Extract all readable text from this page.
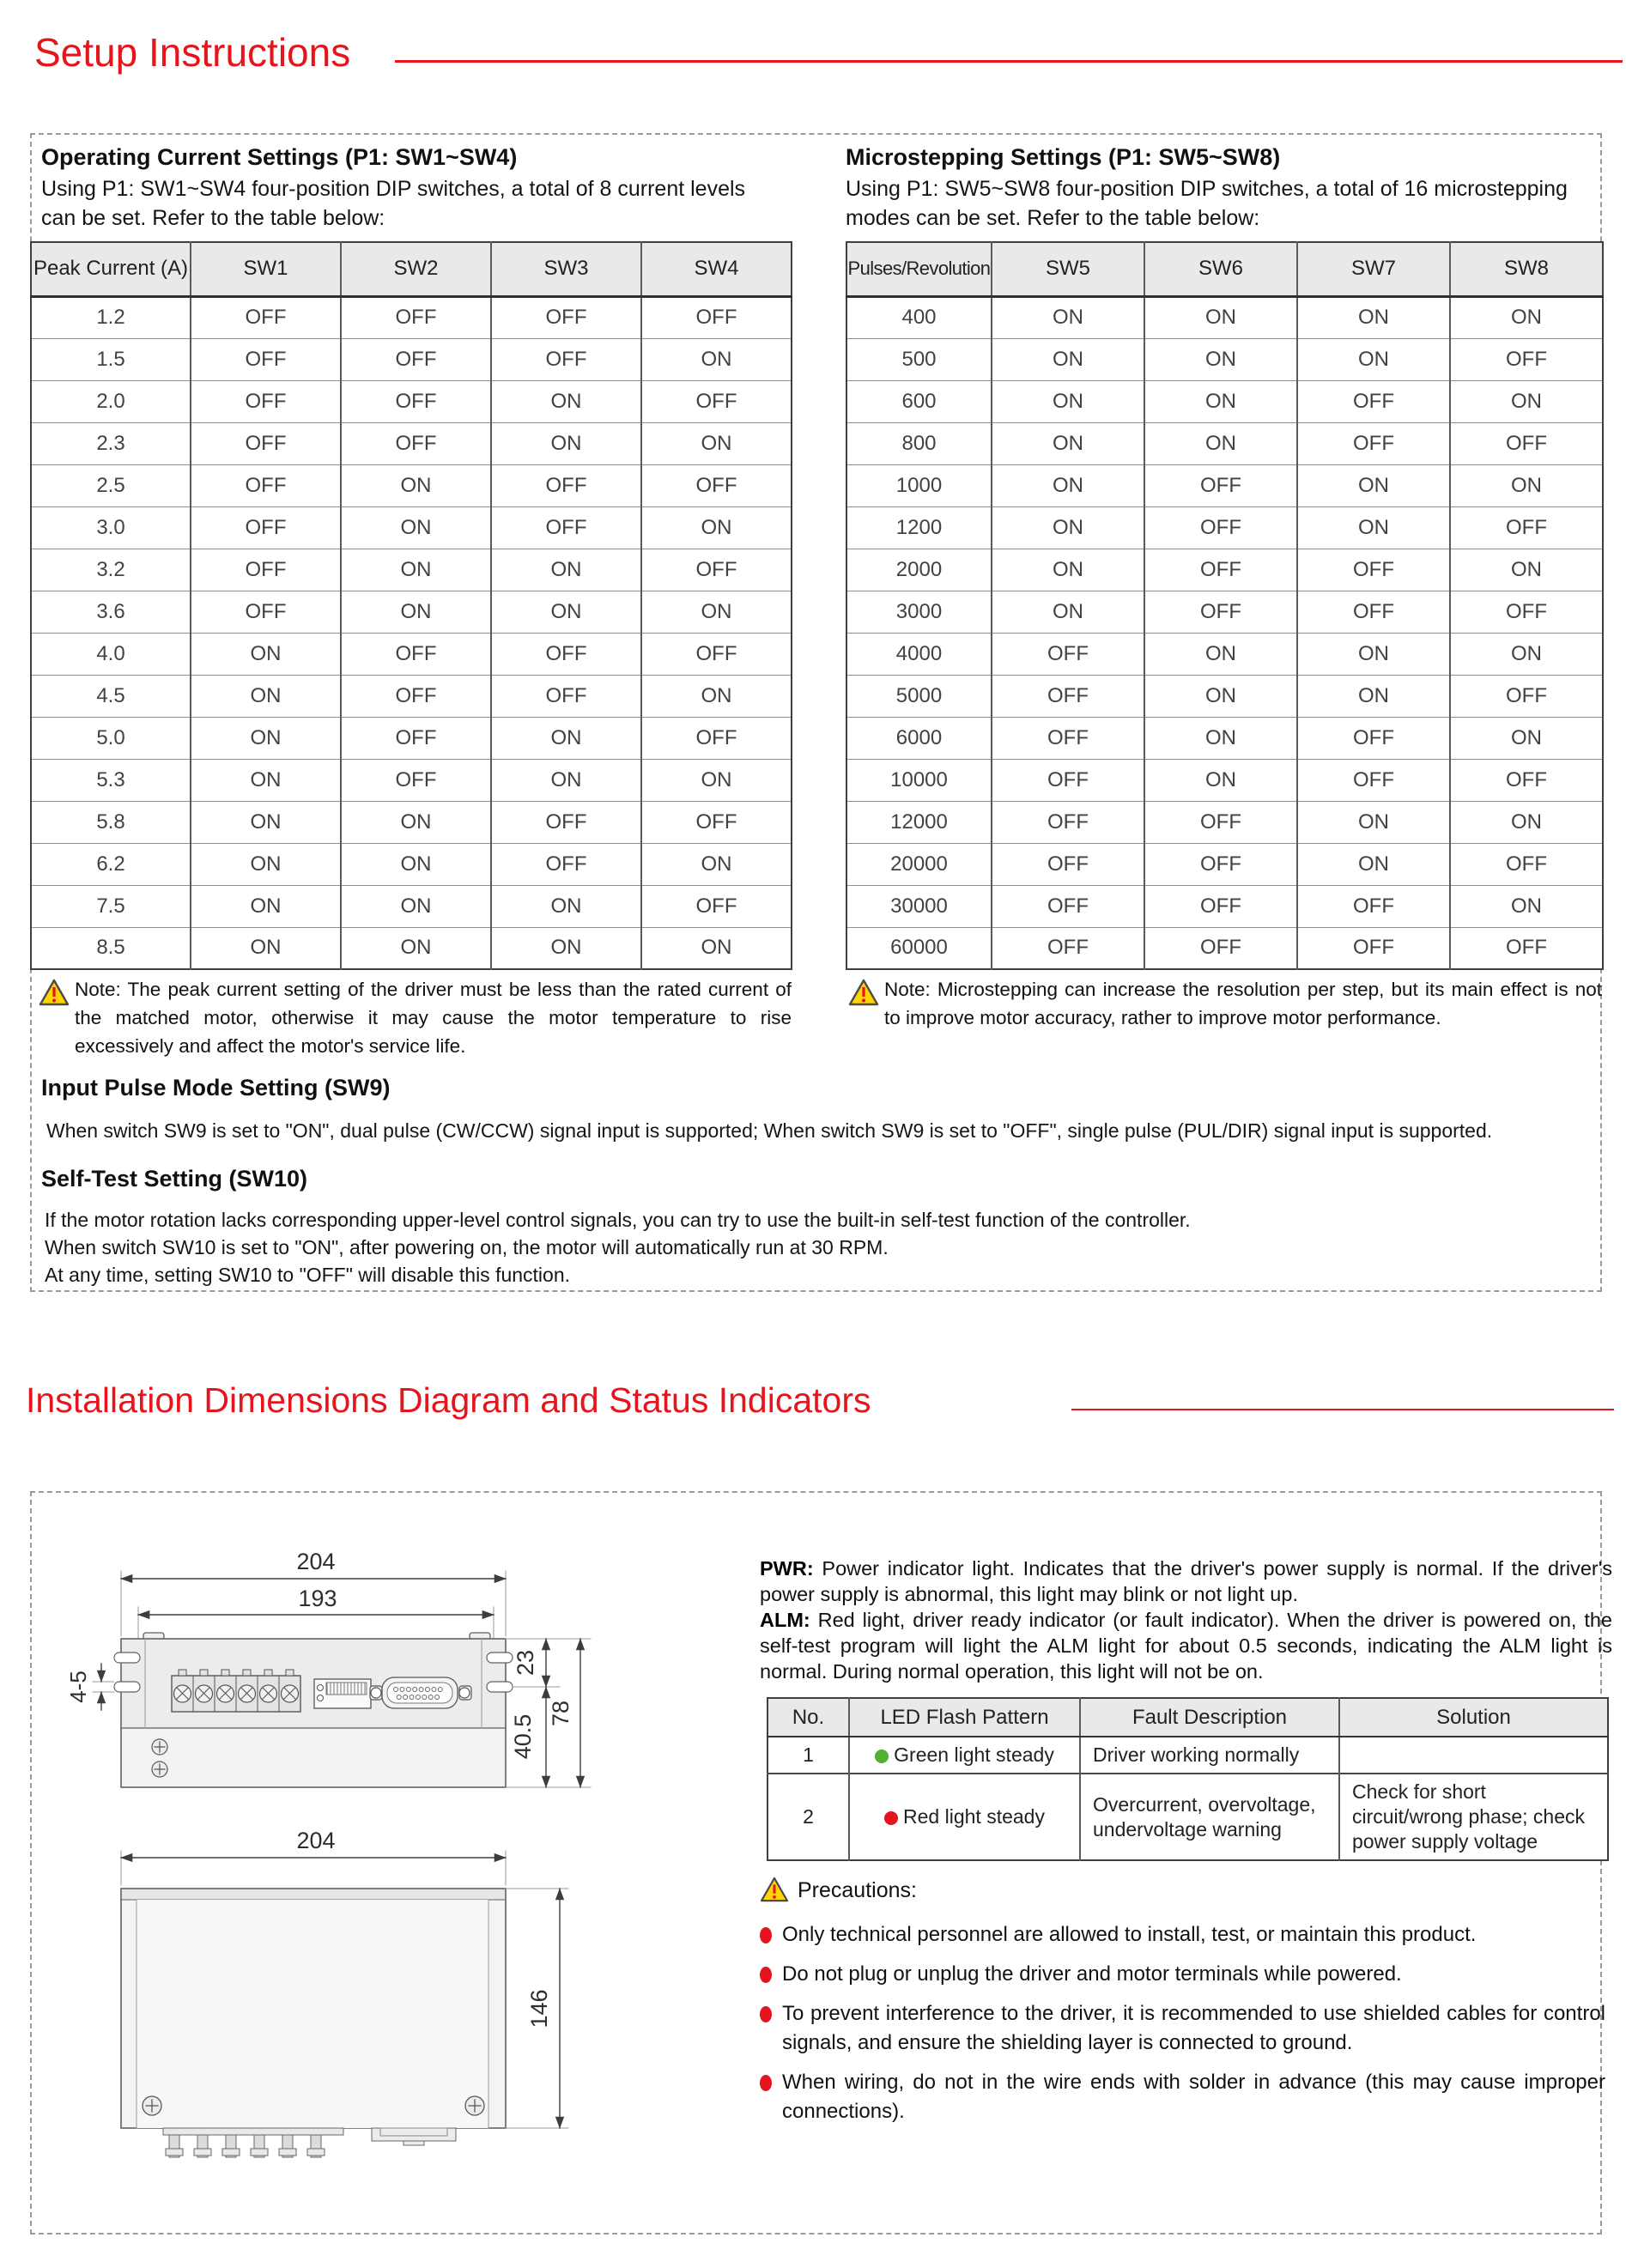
Setup Instructions
Operating Current Settings (P1: SW1~SW4)
Using P1: SW1~SW4 four-position DIP switches, a total of 8 current levels can be set. Refer to the table below:
Microstepping Settings (P1: SW5~SW8)
Using P1: SW5~SW8 four-position DIP switches, a total of 16 microstepping modes can be set. Refer to the table below:
Peak Current (A)	SW1	SW2	SW3	SW4
1.2	OFF	OFF	OFF	OFF
1.5	OFF	OFF	OFF	ON
2.0	OFF	OFF	ON	OFF
2.3	OFF	OFF	ON	ON
2.5	OFF	ON	OFF	OFF
3.0	OFF	ON	OFF	ON
3.2	OFF	ON	ON	OFF
3.6	OFF	ON	ON	ON
4.0	ON	OFF	OFF	OFF
4.5	ON	OFF	OFF	ON
5.0	ON	OFF	ON	OFF
5.3	ON	OFF	ON	ON
5.8	ON	ON	OFF	OFF
6.2	ON	ON	OFF	ON
7.5	ON	ON	ON	OFF
8.5	ON	ON	ON	ON
Pulses/Revolution	SW5	SW6	SW7	SW8
400	ON	ON	ON	ON
500	ON	ON	ON	OFF
600	ON	ON	OFF	ON
800	ON	ON	OFF	OFF
1000	ON	OFF	ON	ON
1200	ON	OFF	ON	OFF
2000	ON	OFF	OFF	ON
3000	ON	OFF	OFF	OFF
4000	OFF	ON	ON	ON
5000	OFF	ON	ON	OFF
6000	OFF	ON	OFF	ON
10000	OFF	ON	OFF	OFF
12000	OFF	OFF	ON	ON
20000	OFF	OFF	ON	OFF
30000	OFF	OFF	OFF	ON
60000	OFF	OFF	OFF	OFF
Note: The peak current setting of the driver must be less than the rated current of the matched motor, otherwise it may cause the motor temperature to rise excessively and affect the motor's service life.
Note: Microstepping can increase the resolution per step, but its main effect is not to improve motor accuracy, rather to improve motor performance.
Input Pulse Mode Setting (SW9)
When switch SW9 is set to "ON", dual pulse (CW/CCW) signal input is supported; When switch SW9 is set to "OFF", single pulse (PUL/DIR) signal input is supported.
Self-Test Setting (SW10)
If the motor rotation lacks corresponding upper-level control signals, you can try to use the built-in self-test function of the controller.
When switch SW10 is set to "ON", after powering on, the motor will automatically run at 30 RPM.
At any time, setting SW10 to "OFF" will disable this function.
Installation Dimensions Diagram and Status Indicators
204
193
23
40.5
78
4-5
204
146

PWR: Power indicator light. Indicates that the driver's power supply is normal. If the driver's power supply is abnormal, this light may blink or not light up.

ALM: Red light, driver ready indicator (or fault indicator). When the driver is powered on, the self-test program will light the ALM light for about 0.5 seconds, indicating the ALM light is normal. During normal operation, this light will not be on.

No.	LED Flash Pattern	Fault Description	Solution
1	Green light steady	Driver working normally	
2	Red light steady	Overcurrent, overvoltage, undervoltage warning	Check for short circuit/wrong phase; check power supply voltage
Precautions:
Only technical personnel are allowed to install, test, or maintain this product.
Do not plug or unplug the driver and motor terminals while powered.
To prevent interference to the driver, it is recommended to use shielded cables for control signals, and ensure the shielding layer is connected to ground.
When wiring, do not in the wire ends with solder in advance (this may cause improper connections).
